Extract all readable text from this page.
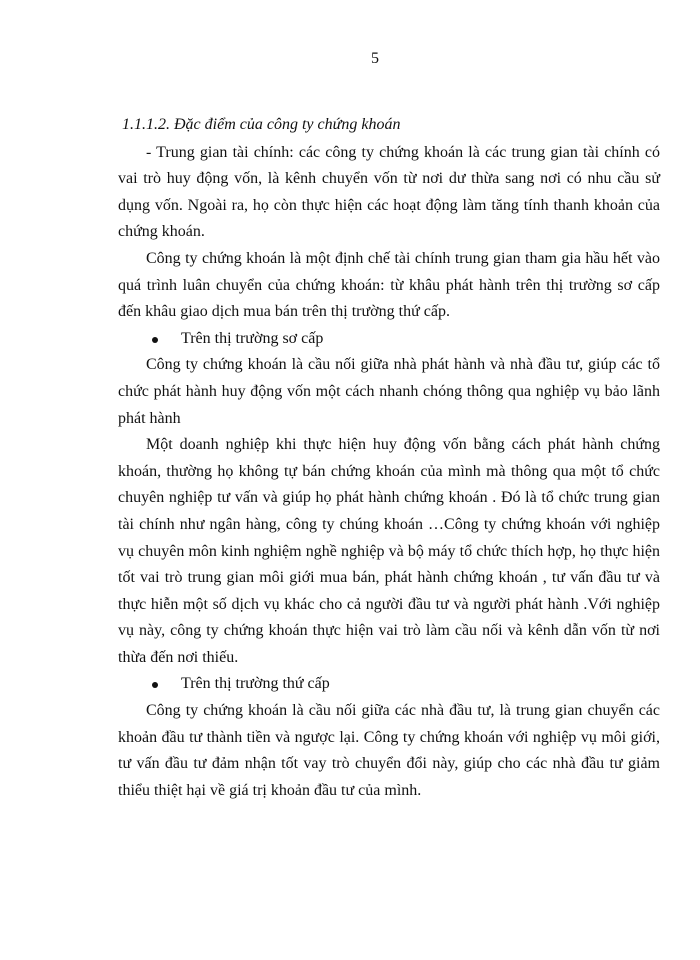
5

1.1.1.2. Đặc điểm của công ty chứng khoán

- Trung gian tài chính: các công ty chứng khoán là các trung gian tài chính có vai trò huy động vốn, là kênh chuyển vốn từ nơi dư thừa sang nơi có nhu cầu sử dụng vốn. Ngoài ra, họ còn thực hiện các hoạt động làm tăng tính thanh khoản của chứng khoán.

Công ty chứng khoán là một định chế tài chính trung gian tham gia hầu hết vào quá trình luân chuyển của chứng khoán: từ khâu phát hành trên thị trường sơ cấp đến khâu giao dịch mua bán trên thị trường thứ cấp.

Trên thị trường sơ cấp

Công ty chứng khoán là cầu nối giữa nhà phát hành và nhà đầu tư, giúp các tổ chức phát hành huy động vốn một cách nhanh chóng thông qua nghiệp vụ bảo lãnh phát hành

Một doanh nghiệp khi thực hiện huy động vốn bằng cách phát hành chứng khoán, thường họ không tự bán chứng khoán của mình mà thông qua một tổ chức chuyên nghiệp tư vấn và giúp họ phát hành chứng khoán . Đó là tổ chức trung gian tài chính như ngân hàng, công ty chúng khoán …Công ty chứng khoán với nghiệp vụ chuyên môn kinh nghiệm nghề nghiệp và bộ máy tổ chức thích hợp, họ thực hiện tốt vai trò trung gian môi giới mua bán, phát hành chứng khoán , tư vấn đầu tư và thực hiễn một số dịch vụ khác cho cả người đầu tư và người phát hành .Với nghiệp vụ này, công ty chứng khoán thực hiện vai trò làm cầu nối và kênh dẫn vốn từ nơi thừa đến nơi thiếu.

Trên thị trường thứ cấp

Công ty chứng khoán là cầu nối giữa các nhà đầu tư, là trung gian chuyển các khoản đầu tư thành tiền và ngược lại. Công ty chứng khoán với nghiệp vụ môi giới, tư vấn đầu tư đảm nhận tốt vay trò chuyển đổi này, giúp cho các nhà đầu tư giảm thiểu thiệt hại về giá trị khoản đầu tư của mình.
